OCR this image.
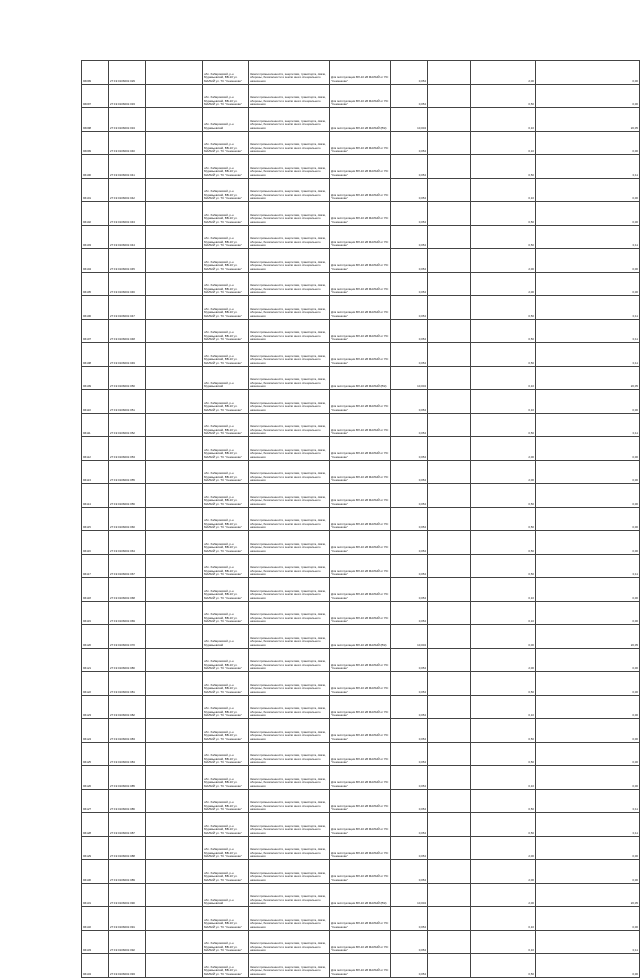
96099	27:19:0106001:029		обл. Хабаровский, р-н Муравьевский, ВВ-10 ул. МАЛЫЙ ул. ТС "Семенково"	Земли промышленности, энергетики, транспорта, связи, обороны, безопасности и земли иного специального назначения	Для эксплуатации ВЛ-10 кВ МАЛЫЙ от ПС "Семенково"	0,054		2,00	0,00
96097	27:19:0106001:033		обл. Хабаровский, р-н Муравьевский, ВВ-10 ул. МАЛЫЙ ул. ТС "Семенково"	Земли промышленности, энергетики, транспорта, связи, обороны, безопасности и земли иного специального назначения	Для эксплуатации ВЛ-10 кВ МАЛЫЙ от ПС "Семенково"	0,054		0,50	0,00
96098	27:19:0106001:034		обл. Хабаровский, р-н Муравьевский	Земли промышленности, энергетики, транспорта, связи, обороны, безопасности и земли иного специального назначения	Для эксплуатации ВЛ-10 кВ МАЛЫЙ (ВЭ)	10,004		0,10	20,05
96099	27:19:0106001:040		обл. Хабаровский, р-н Муравьевский, ВВ-10 ул. МАЛЫЙ ул. ТС "Семенково"	Земли промышленности, энергетики, транспорта, связи, обороны, безопасности и земли иного специального назначения	Для эксплуатации ВЛ-10 кВ МАЛЫЙ от ПС "Семенково"	0,054		0,10	0,00
96100	27:19:0106001:041		обл. Хабаровский, р-н Муравьевский, ВВ-10 ул. МАЛЫЙ ул. ТС "Семенково"	Земли промышленности, энергетики, транспорта, связи, обороны, безопасности и земли иного специального назначения	Для эксплуатации ВЛ-10 кВ МАЛЫЙ от ПС "Семенково"	0,054		0,50	0,11
96101	27:19:0106001:042		обл. Хабаровский, р-н Муравьевский, ВВ-10 ул. МАЛЫЙ ул. ТС "Семенково"	Земли промышленности, энергетики, транспорта, связи, обороны, безопасности и земли иного специального назначения	Для эксплуатации ВЛ-10 кВ МАЛЫЙ от ПС "Семенково"	0,054		0,10	0,00
96102	27:19:0106001:043		обл. Хабаровский, р-н Муравьевский, ВВ-10 ул. МАЛЫЙ ул. ТС "Семенково"	Земли промышленности, энергетики, транспорта, связи, обороны, безопасности и земли иного специального назначения	Для эксплуатации ВЛ-10 кВ МАЛЫЙ от ПС "Семенково"	0,054		0,50	0,00
96103	27:19:0106001:044		обл. Хабаровский, р-н Муравьевский, ВВ-10 ул. МАЛЫЙ ул. ТС "Семенково"	Земли промышленности, энергетики, транспорта, связи, обороны, безопасности и земли иного специального назначения	Для эксплуатации ВЛ-10 кВ МАЛЫЙ от ПС "Семенково"	0,054		0,50	0,11
96104	27:19:0106001:045		обл. Хабаровский, р-н Муравьевский, ВВ-10 ул. МАЛЫЙ ул. ТС "Семенково"	Земли промышленности, энергетики, транспорта, связи, обороны, безопасности и земли иного специального назначения	Для эксплуатации ВЛ-10 кВ МАЛЫЙ от ПС "Семенково"	0,054		2,00	0,00
96105	27:19:0106001:046		обл. Хабаровский, р-н Муравьевский, ВВ-10 ул. МАЛЫЙ ул. ТС "Семенково"	Земли промышленности, энергетики, транспорта, связи, обороны, безопасности и земли иного специального назначения	Для эксплуатации ВЛ-10 кВ МАЛЫЙ от ПС "Семенково"	0,054		2,00	0,00
96106	27:19:0106001:047		обл. Хабаровский, р-н Муравьевский, ВВ-10 ул. МАЛЫЙ ул. ТС "Семенково"	Земли промышленности, энергетики, транспорта, связи, обороны, безопасности и земли иного специального назначения	Для эксплуатации ВЛ-10 кВ МАЛЫЙ от ПС "Семенково"	0,054		0,50	0,11
96107	27:19:0106001:048		обл. Хабаровский, р-н Муравьевский, ВВ-10 ул. МАЛЫЙ ул. ТС "Семенково"	Земли промышленности, энергетики, транспорта, связи, обороны, безопасности и земли иного специального назначения	Для эксплуатации ВЛ-10 кВ МАЛЫЙ от ПС "Семенково"	0,054		0,50	0,11
96108	27:19:0106001:049		обл. Хабаровский, р-н Муравьевский, ВВ-10 ул. МАЛЫЙ ул. ТС "Семенково"	Земли промышленности, энергетики, транспорта, связи, обороны, безопасности и земли иного специального назначения	Для эксплуатации ВЛ-10 кВ МАЛЫЙ от ПС "Семенково"	0,054		0,50	0,11
96109	27:19:0106001:050		обл. Хабаровский, р-н Муравьевский	Земли промышленности, энергетики, транспорта, связи, обороны, безопасности и земли иного специального назначения	Для эксплуатации ВЛ-10 кВ МАЛЫЙ (ВЭ)	10,004		0,10	20,05
96110	27:19:0106001:051		обл. Хабаровский, р-н Муравьевский, ВВ-10 ул. МАЛЫЙ ул. ТС "Семенково"	Земли промышленности, энергетики, транспорта, связи, обороны, безопасности и земли иного специального назначения	Для эксплуатации ВЛ-10 кВ МАЛЫЙ от ПС "Семенково"	0,054		0,10	0,00
96111	27:19:0106001:052		обл. Хабаровский, р-н Муравьевский, ВВ-10 ул. МАЛЫЙ ул. ТС "Семенково"	Земли промышленности, энергетики, транспорта, связи, обороны, безопасности и земли иного специального назначения	Для эксплуатации ВЛ-10 кВ МАЛЫЙ от ПС "Семенково"	0,054		0,50	0,11
96112	27:19:0106001:053		обл. Хабаровский, р-н Муравьевский, ВВ-10 ул. МАЛЫЙ ул. ТС "Семенково"	Земли промышленности, энергетики, транспорта, связи, обороны, безопасности и земли иного специального назначения	Для эксплуатации ВЛ-10 кВ МАЛЫЙ от ПС "Семенково"	0,054		2,00	0,00
96113	27:19:0106001:055		обл. Хабаровский, р-н Муравьевский, ВВ-10 ул. МАЛЫЙ ул. ТС "Семенково"	Земли промышленности, энергетики, транспорта, связи, обороны, безопасности и земли иного специального назначения	Для эксплуатации ВЛ-10 кВ МАЛЫЙ от ПС "Семенково"	0,054		2,00	0,00
96114	27:19:0106001:056		обл. Хабаровский, р-н Муравьевский, ВВ-10 ул. МАЛЫЙ ул. ТС "Семенково"	Земли промышленности, энергетики, транспорта, связи, обороны, безопасности и земли иного специального назначения	Для эксплуатации ВЛ-10 кВ МАЛЫЙ от ПС "Семенково"	0,054		0,50	0,00
96115	27:19:0106001:060		обл. Хабаровский, р-н Муравьевский, ВВ-10 ул. МАЛЫЙ ул. ТС "Семенково"	Земли промышленности, энергетики, транспорта, связи, обороны, безопасности и земли иного специального назначения	Для эксплуатации ВЛ-10 кВ МАЛЫЙ от ПС "Семенково"	0,054		0,50	0,00
96116	27:19:0106001:064		обл. Хабаровский, р-н Муравьевский, ВВ-10 ул. МАЛЫЙ ул. ТС "Семенково"	Земли промышленности, энергетики, транспорта, связи, обороны, безопасности и земли иного специального назначения	Для эксплуатации ВЛ-10 кВ МАЛЫЙ от ПС "Семенково"	0,054		0,50	0,00
96117	27:19:0106001:067		обл. Хабаровский, р-н Муравьевский, ВВ-10 ул. МАЛЫЙ ул. ТС "Семенково"	Земли промышленности, энергетики, транспорта, связи, обороны, безопасности и земли иного специального назначения	Для эксплуатации ВЛ-10 кВ МАЛЫЙ от ПС "Семенково"	0,054		0,50	0,11
96118	27:19:0106001:068		обл. Хабаровский, р-н Муравьевский, ВВ-10 ул. МАЛЫЙ ул. ТС "Семенково"	Земли промышленности, энергетики, транспорта, связи, обороны, безопасности и земли иного специального назначения	Для эксплуатации ВЛ-10 кВ МАЛЫЙ от ПС "Семенково"	0,054		0,10	0,00
96119	27:19:0106001:069		обл. Хабаровский, р-н Муравьевский, ВВ-10 ул. МАЛЫЙ ул. ТС "Семенково"	Земли промышленности, энергетики, транспорта, связи, обороны, безопасности и земли иного специального назначения	Для эксплуатации ВЛ-10 кВ МАЛЫЙ от ПС "Семенково"	0,054		0,10	0,00
96120	27:19:0106001:070		обл. Хабаровский, р-н Муравьевский	Земли промышленности, энергетики, транспорта, связи, обороны, безопасности и земли иного специального назначения	Для эксплуатации ВЛ-10 кВ МАЛЫЙ (ВЭ)	10,004		0,00	20,05
96121	27:19:0106001:080		обл. Хабаровский, р-н Муравьевский, ВВ-10 ул. МАЛЫЙ ул. ТС "Семенково"	Земли промышленности, энергетики, транспорта, связи, обороны, безопасности и земли иного специального назначения	Для эксплуатации ВЛ-10 кВ МАЛЫЙ от ПС "Семенково"	0,054		2,00	0,00
96122	27:19:0106001:081		обл. Хабаровский, р-н Муравьевский, ВВ-10 ул. МАЛЫЙ ул. ТС "Семенково"	Земли промышленности, энергетики, транспорта, связи, обороны, безопасности и земли иного специального назначения	Для эксплуатации ВЛ-10 кВ МАЛЫЙ от ПС "Семенково"	0,054		0,50	0,00
96123	27:19:0106001:082		обл. Хабаровский, р-н Муравьевский, ВВ-10 ул. МАЛЫЙ ул. ТС "Семенково"	Земли промышленности, энергетики, транспорта, связи, обороны, безопасности и земли иного специального назначения	Для эксплуатации ВЛ-10 кВ МАЛЫЙ от ПС "Семенково"	0,054		0,10	0,00
96124	27:19:0106001:083		обл. Хабаровский, р-н Муравьевский, ВВ-10 ул. МАЛЫЙ ул. ТС "Семенково"	Земли промышленности, энергетики, транспорта, связи, обороны, безопасности и земли иного специального назначения	Для эксплуатации ВЛ-10 кВ МАЛЫЙ от ПС "Семенково"	0,054		0,50	0,00
96125	27:19:0106001:084		обл. Хабаровский, р-н Муравьевский, ВВ-10 ул. МАЛЫЙ ул. ТС "Семенково"	Земли промышленности, энергетики, транспорта, связи, обороны, безопасности и земли иного специального назначения	Для эксплуатации ВЛ-10 кВ МАЛЫЙ от ПС "Семенково"	0,054		0,50	0,00
96126	27:19:0106001:085		обл. Хабаровский, р-н Муравьевский, ВВ-10 ул. МАЛЫЙ ул. ТС "Семенково"	Земли промышленности, энергетики, транспорта, связи, обороны, безопасности и земли иного специального назначения	Для эксплуатации ВЛ-10 кВ МАЛЫЙ от ПС "Семенково"	0,054		0,10	0,00
96127	27:19:0106001:086		обл. Хабаровский, р-н Муравьевский, ВВ-10 ул. МАЛЫЙ ул. ТС "Семенково"	Земли промышленности, энергетики, транспорта, связи, обороны, безопасности и земли иного специального назначения	Для эксплуатации ВЛ-10 кВ МАЛЫЙ от ПС "Семенково"	0,054		0,50	0,11
96128	27:19:0106001:087		обл. Хабаровский, р-н Муравьевский, ВВ-10 ул. МАЛЫЙ ул. ТС "Семенково"	Земли промышленности, энергетики, транспорта, связи, обороны, безопасности и земли иного специального назначения	Для эксплуатации ВЛ-10 кВ МАЛЫЙ от ПС "Семенково"	0,054		0,50	0,11
96129	27:19:0106001:088		обл. Хабаровский, р-н Муравьевский, ВВ-10 ул. МАЛЫЙ ул. ТС "Семенково"	Земли промышленности, энергетики, транспорта, связи, обороны, безопасности и земли иного специального назначения	Для эксплуатации ВЛ-10 кВ МАЛЫЙ от ПС "Семенково"	0,054		2,00	0,00
96130	27:19:0106001:089		обл. Хабаровский, р-н Муравьевский, ВВ-10 ул. МАЛЫЙ ул. ТС "Семенково"	Земли промышленности, энергетики, транспорта, связи, обороны, безопасности и земли иного специального назначения	Для эксплуатации ВЛ-10 кВ МАЛЫЙ от ПС "Семенково"	0,054		2,00	0,00
96131	27:19:0106001:090		обл. Хабаровский, р-н Муравьевский	Земли промышленности, энергетики, транспорта, связи, обороны, безопасности и земли иного специального назначения	Для эксплуатации ВЛ-10 кВ МАЛЫЙ (ВЭ)	10,004		2,00	20,05
96132	27:19:0106001:091		обл. Хабаровский, р-н Муравьевский, ВВ-10 ул. МАЛЫЙ ул. ТС "Семенково"	Земли промышленности, энергетики, транспорта, связи, обороны, безопасности и земли иного специального назначения	Для эксплуатации ВЛ-10 кВ МАЛЫЙ от ПС "Семенково"	0,054		0,10	0,00
96133	27:19:0106001:092		обл. Хабаровский, р-н Муравьевский, ВВ-10 ул. МАЛЫЙ ул. ТС "Семенково"	Земли промышленности, энергетики, транспорта, связи, обороны, безопасности и земли иного специального назначения	Для эксплуатации ВЛ-10 кВ МАЛЫЙ от ПС "Семенково"	0,054		0,10	0,11
96134	27:19:0106001:093		обл. Хабаровский, р-н Муравьевский, ВВ-10 ул. МАЛЫЙ ул. ТС "Семенково"	Земли промышленности, энергетики, транспорта, связи, обороны, безопасности и земли иного специального назначения	Для эксплуатации ВЛ-10 кВ МАЛЫЙ от ПС "Семенково"	0,054		0,50	0,00
